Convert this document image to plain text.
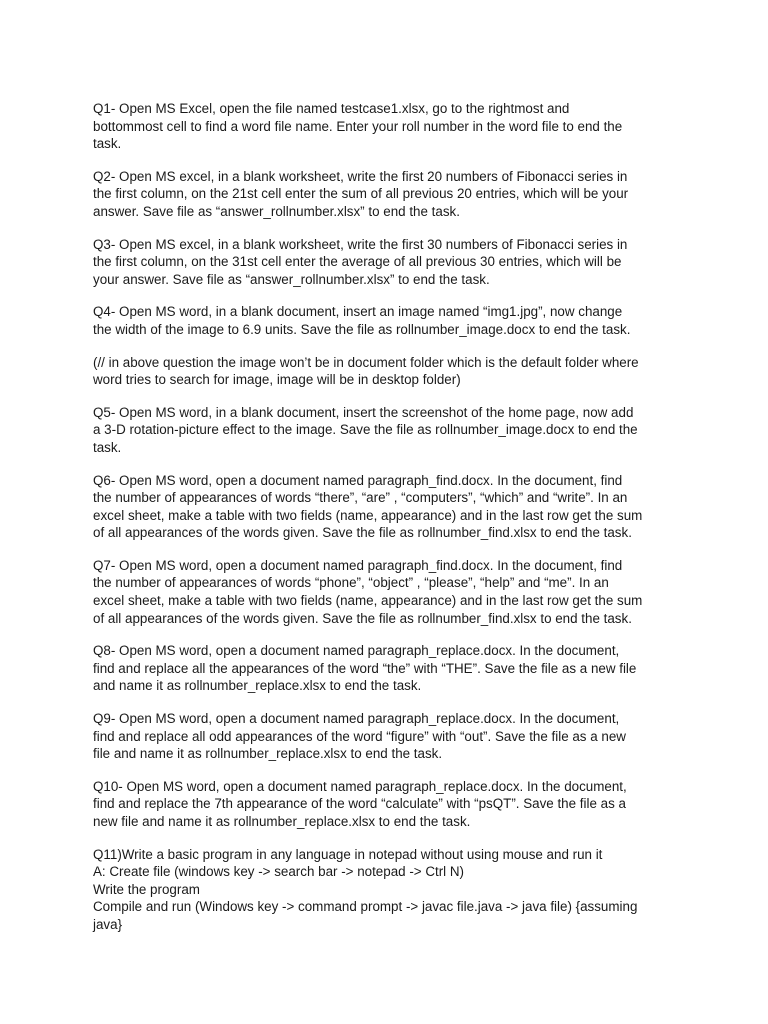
Q1- Open MS Excel, open the file named testcase1.xlsx, go to the rightmost and
bottommost cell to find a word file name. Enter your roll number in the word file to end the
task.

Q2- Open MS excel, in a blank worksheet, write the first 20 numbers of Fibonacci series in
the first column, on the 21st cell enter the sum of all previous 20 entries, which will be your
answer. Save file as “answer_rollnumber.xlsx” to end the task.

Q3- Open MS excel, in a blank worksheet, write the first 30 numbers of Fibonacci series in
the first column, on the 31st cell enter the average of all previous 30 entries, which will be
your answer. Save file as “answer_rollnumber.xlsx” to end the task.

Q4- Open MS word, in a blank document, insert an image named “img1.jpg”, now change
the width of the image to 6.9 units. Save the file as rollnumber_image.docx to end the task.

(// in above question the image won’t be in document folder which is the default folder where
word tries to search for image, image will be in desktop folder)

Q5- Open MS word, in a blank document, insert the screenshot of the home page, now add
a 3-D rotation-picture effect to the image. Save the file as rollnumber_image.docx to end the
task.

Q6- Open MS word, open a document named paragraph_find.docx. In the document, find
the number of appearances of words “there”, “are” , “computers”, “which” and “write”. In an
excel sheet, make a table with two fields (name, appearance) and in the last row get the sum
of all appearances of the words given. Save the file as rollnumber_find.xlsx to end the task.

Q7- Open MS word, open a document named paragraph_find.docx. In the document, find
the number of appearances of words “phone”, “object” , “please”, “help” and “me”. In an
excel sheet, make a table with two fields (name, appearance) and in the last row get the sum
of all appearances of the words given. Save the file as rollnumber_find.xlsx to end the task.

Q8- Open MS word, open a document named paragraph_replace.docx. In the document,
find and replace all the appearances of the word “the” with “THE”. Save the file as a new file
and name it as rollnumber_replace.xlsx to end the task.

Q9- Open MS word, open a document named paragraph_replace.docx. In the document,
find and replace all odd appearances of the word “figure” with “out”. Save the file as a new
file and name it as rollnumber_replace.xlsx to end the task.

Q10- Open MS word, open a document named paragraph_replace.docx. In the document,
find and replace the 7th appearance of the word “calculate” with “psQT”. Save the file as a
new file and name it as rollnumber_replace.xlsx to end the task.

Q11)Write a basic program in any language in notepad without using mouse and run it
A: Create file (windows key -> search bar -> notepad -> Ctrl N)
Write the program
Compile and run (Windows key -> command prompt -> javac file.java -> java file) {assuming
java}
